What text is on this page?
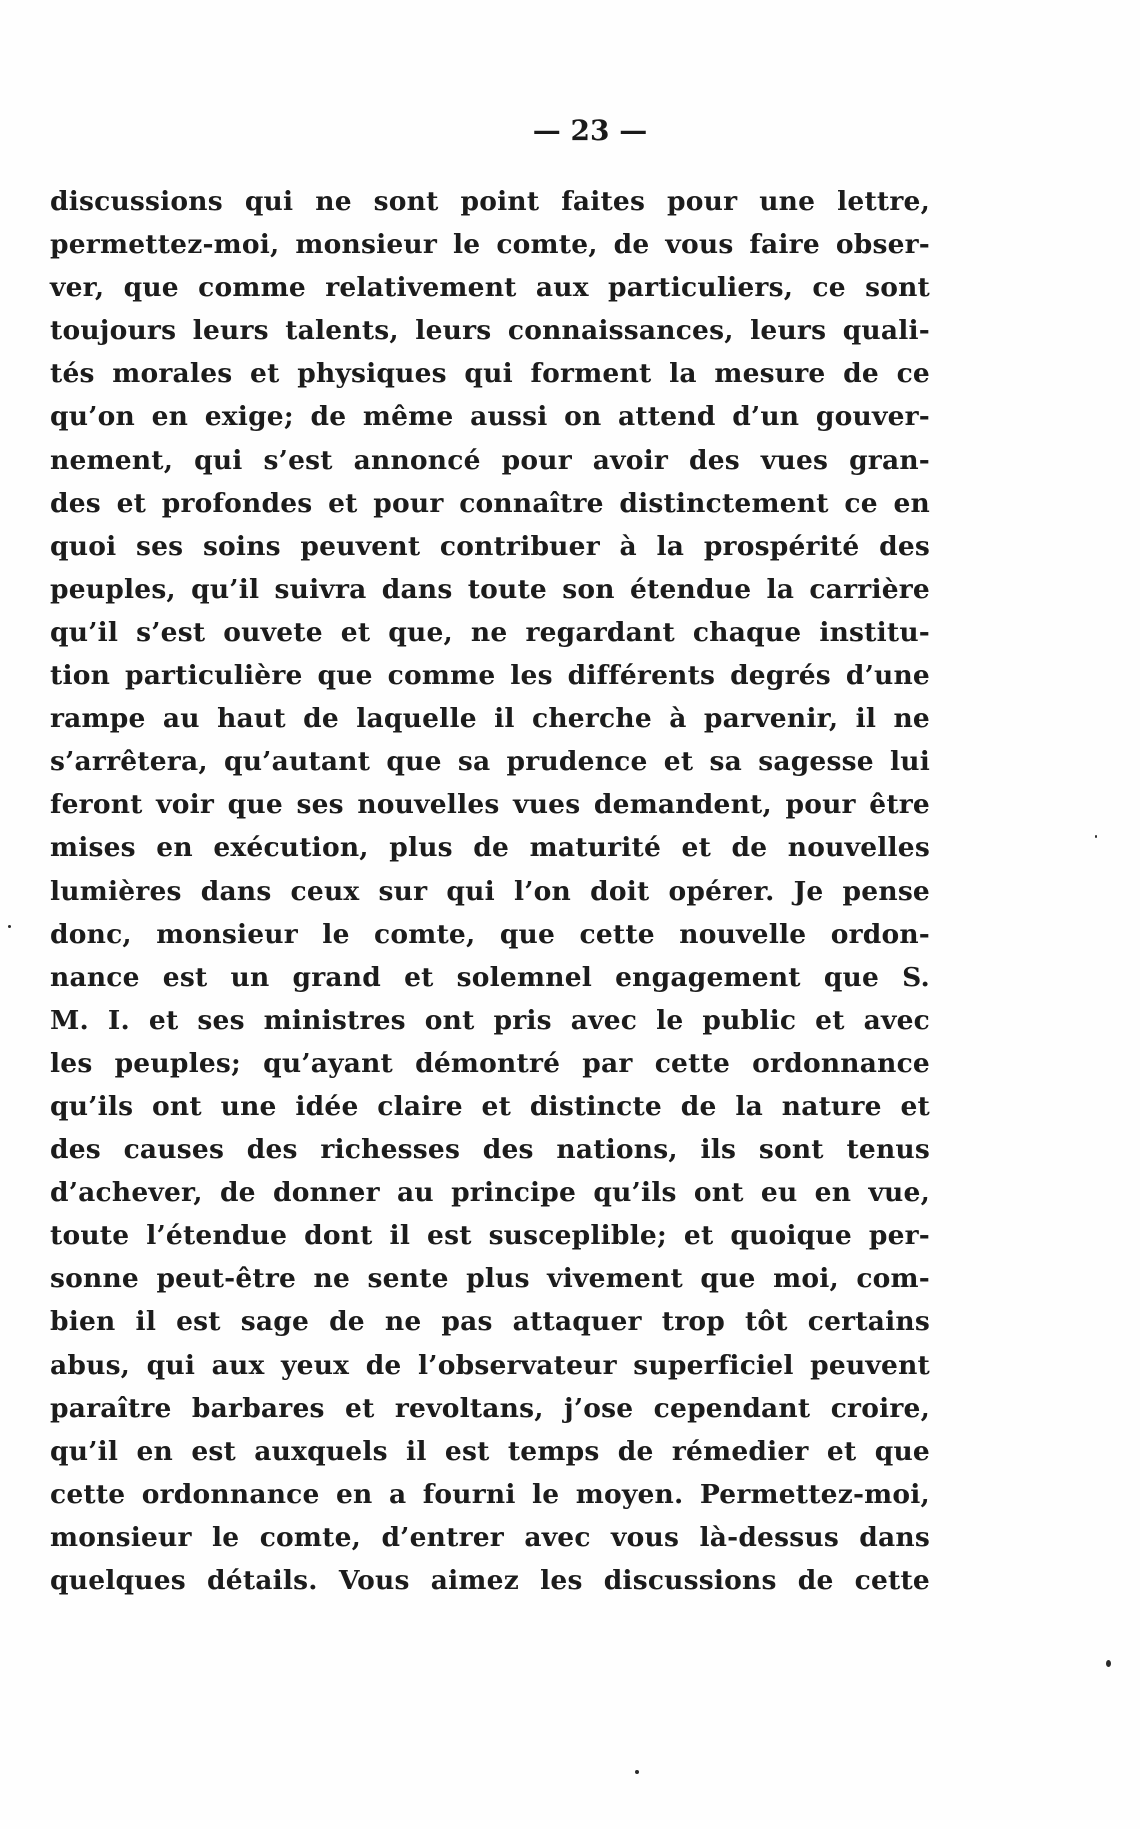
— 23 —
discussions qui ne sont point faites pour une lettre,
permettez-moi, monsieur le comte, de vous faire obser-
ver, que comme relativement aux particuliers, ce sont
toujours leurs talents, leurs connaissances, leurs quali-
tés morales et physiques qui forment la mesure de ce
qu’on en exige; de même aussi on attend d’un gouver-
nement, qui s’est annoncé pour avoir des vues gran-
des et profondes et pour connaître distinctement ce en
quoi ses soins peuvent contribuer à la prospérité des
peuples, qu’il suivra dans toute son étendue la carrière
qu’il s’est ouvete et que, ne regardant chaque institu-
tion particulière que comme les différents degrés d’une
rampe au haut de laquelle il cherche à parvenir, il ne
s’arrêtera, qu’autant que sa prudence et sa sagesse lui
feront voir que ses nouvelles vues demandent, pour être
mises en exécution, plus de maturité et de nouvelles
lumières dans ceux sur qui l’on doit opérer. Je pense
donc, monsieur le comte, que cette nouvelle ordon-
nance est un grand et solemnel engagement que S.
M. I. et ses ministres ont pris avec le public et avec
les peuples; qu’ayant démontré par cette ordonnance
qu’ils ont une idée claire et distincte de la nature et
des causes des richesses des nations, ils sont tenus
d’achever, de donner au principe qu’ils ont eu en vue,
toute l’étendue dont il est susceplible; et quoique per-
sonne peut-être ne sente plus vivement que moi, com-
bien il est sage de ne pas attaquer trop tôt certains
abus, qui aux yeux de l’observateur superficiel peuvent
paraître barbares et revoltans, j’ose cependant croire,
qu’il en est auxquels il est temps de rémedier et que
cette ordonnance en a fourni le moyen. Permettez-moi,
monsieur le comte, d’entrer avec vous là-dessus dans
quelques détails. Vous aimez les discussions de cette
